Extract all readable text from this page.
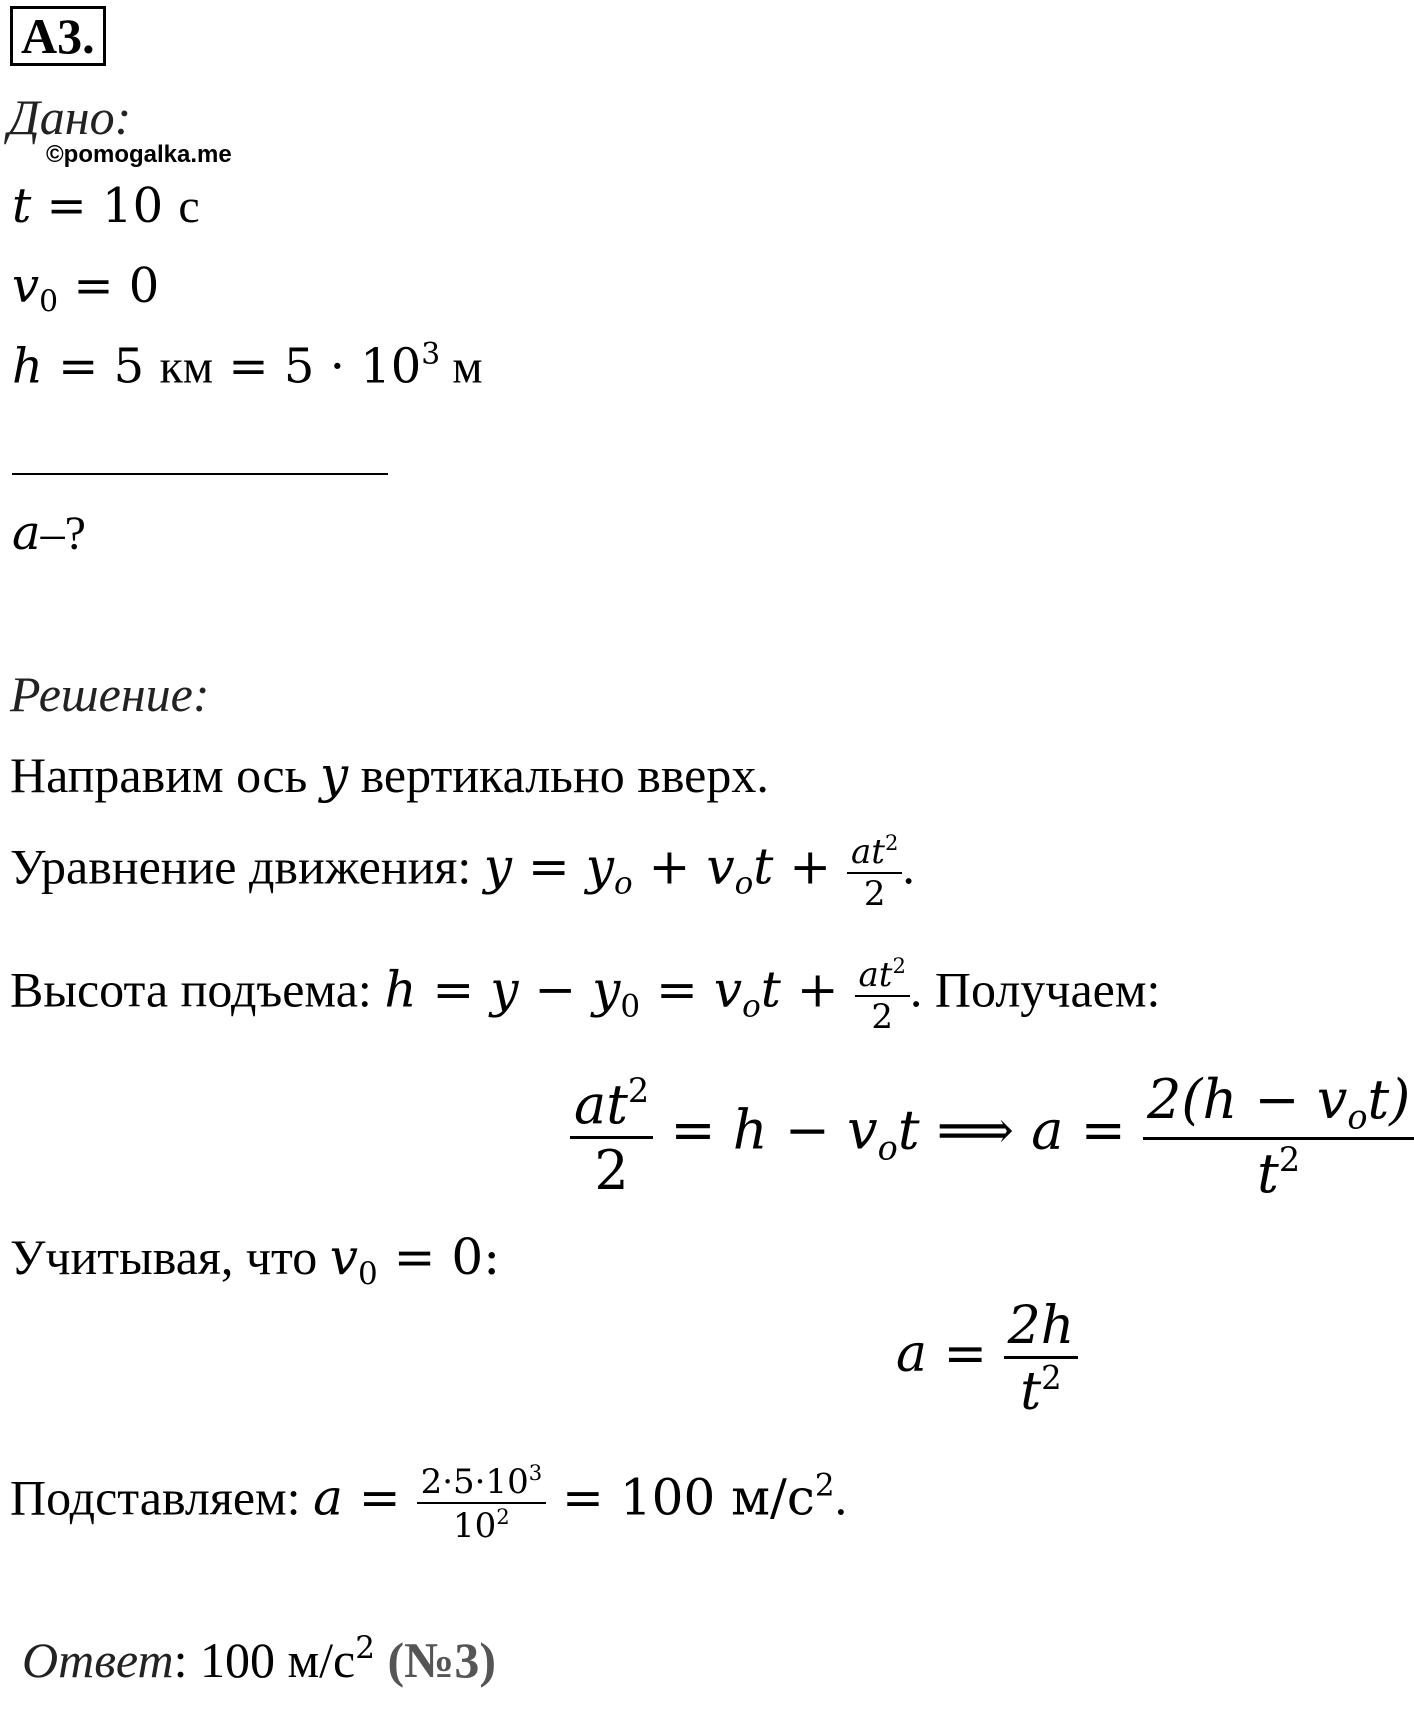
А3.
Дано:
©pomogalka.me
t = 10 с
$v_0 = 0$
h = 5 км = $5 \cdot 10^3$ м
a–?
Решение:
Направим ось y вертикально вверх.
Уравнение движения: y = yo + vot + $\frac{at^2}{2}$ .
Высота подъема: $h = y - y_0$ = vot + $\frac{at^2}{2}$ . Получаем:
$\frac{at^2}{2} = h$ − vot ⟹ $a = \frac{\text{2(h − vot)}}{t^2}$
Учитывая, что $v_0 = 0$:
$a = \frac{2h}{t^2}$
Подставляем: $a = \frac{2\cdot 5\cdot 10^3}{10^2} = 100$ $м/с^2$.
Ответ: 100 $м/с^2$ (№3)
